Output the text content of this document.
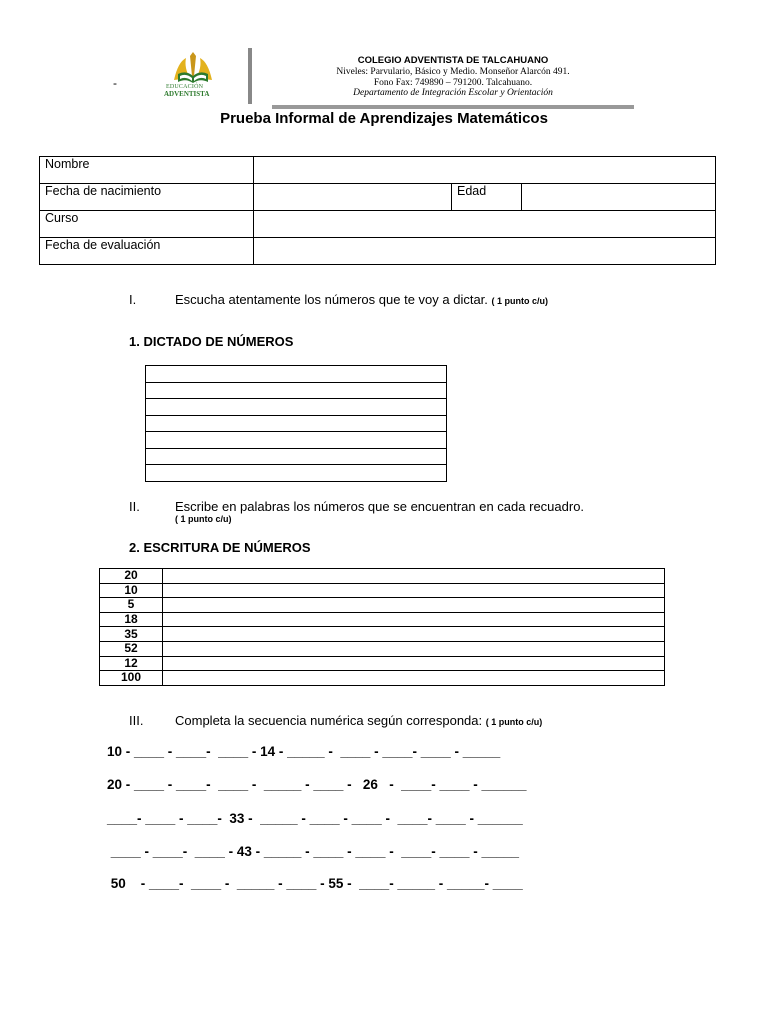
-	EDUCACIÓN
ADVENTISTA
COLEGIO ADVENTISTA DE TALCAHUANO
Niveles: Parvulario, Básico y Medio. Monseñor Alarcón 491.
Fono Fax: 749890 – 791200. Talcahuano.
Departamento de Integración Escolar y Orientación
Prueba Informal de Aprendizajes Matemáticos
Nombre			
Fecha de nacimiento		Edad	
Curso			
Fecha de evaluación			
I.	Escucha atentamente los números que te voy a dictar. ( 1 punto c/u)
1. DICTADO DE NÚMEROS

II.	Escribe en palabras los números que se encuentran en cada recuadro.
( 1 punto c/u)
2. ESCRITURA DE NÚMEROS
20	
10	
5	
18	
35	
52	
12	
100	
III. Completa la secuencia numérica según corresponda: ( 1 punto c/u)
10 - ____ - ____-  ____ - 14 - _____ -  ____ - ____- ____ - _____
20 - ____ - ____-  ____ -  _____ - ____ -   26   -  ____- ____ - ______
____- ____ - ____-  33 -  _____ - ____ - ____ -  ____- ____ - ______
____ - ____-  ____ - 43 - _____ - ____ - ____ -  ____- ____ - _____
50    - ____-  ____ -  _____ - ____ - 55 -  ____- _____ - _____- ____
